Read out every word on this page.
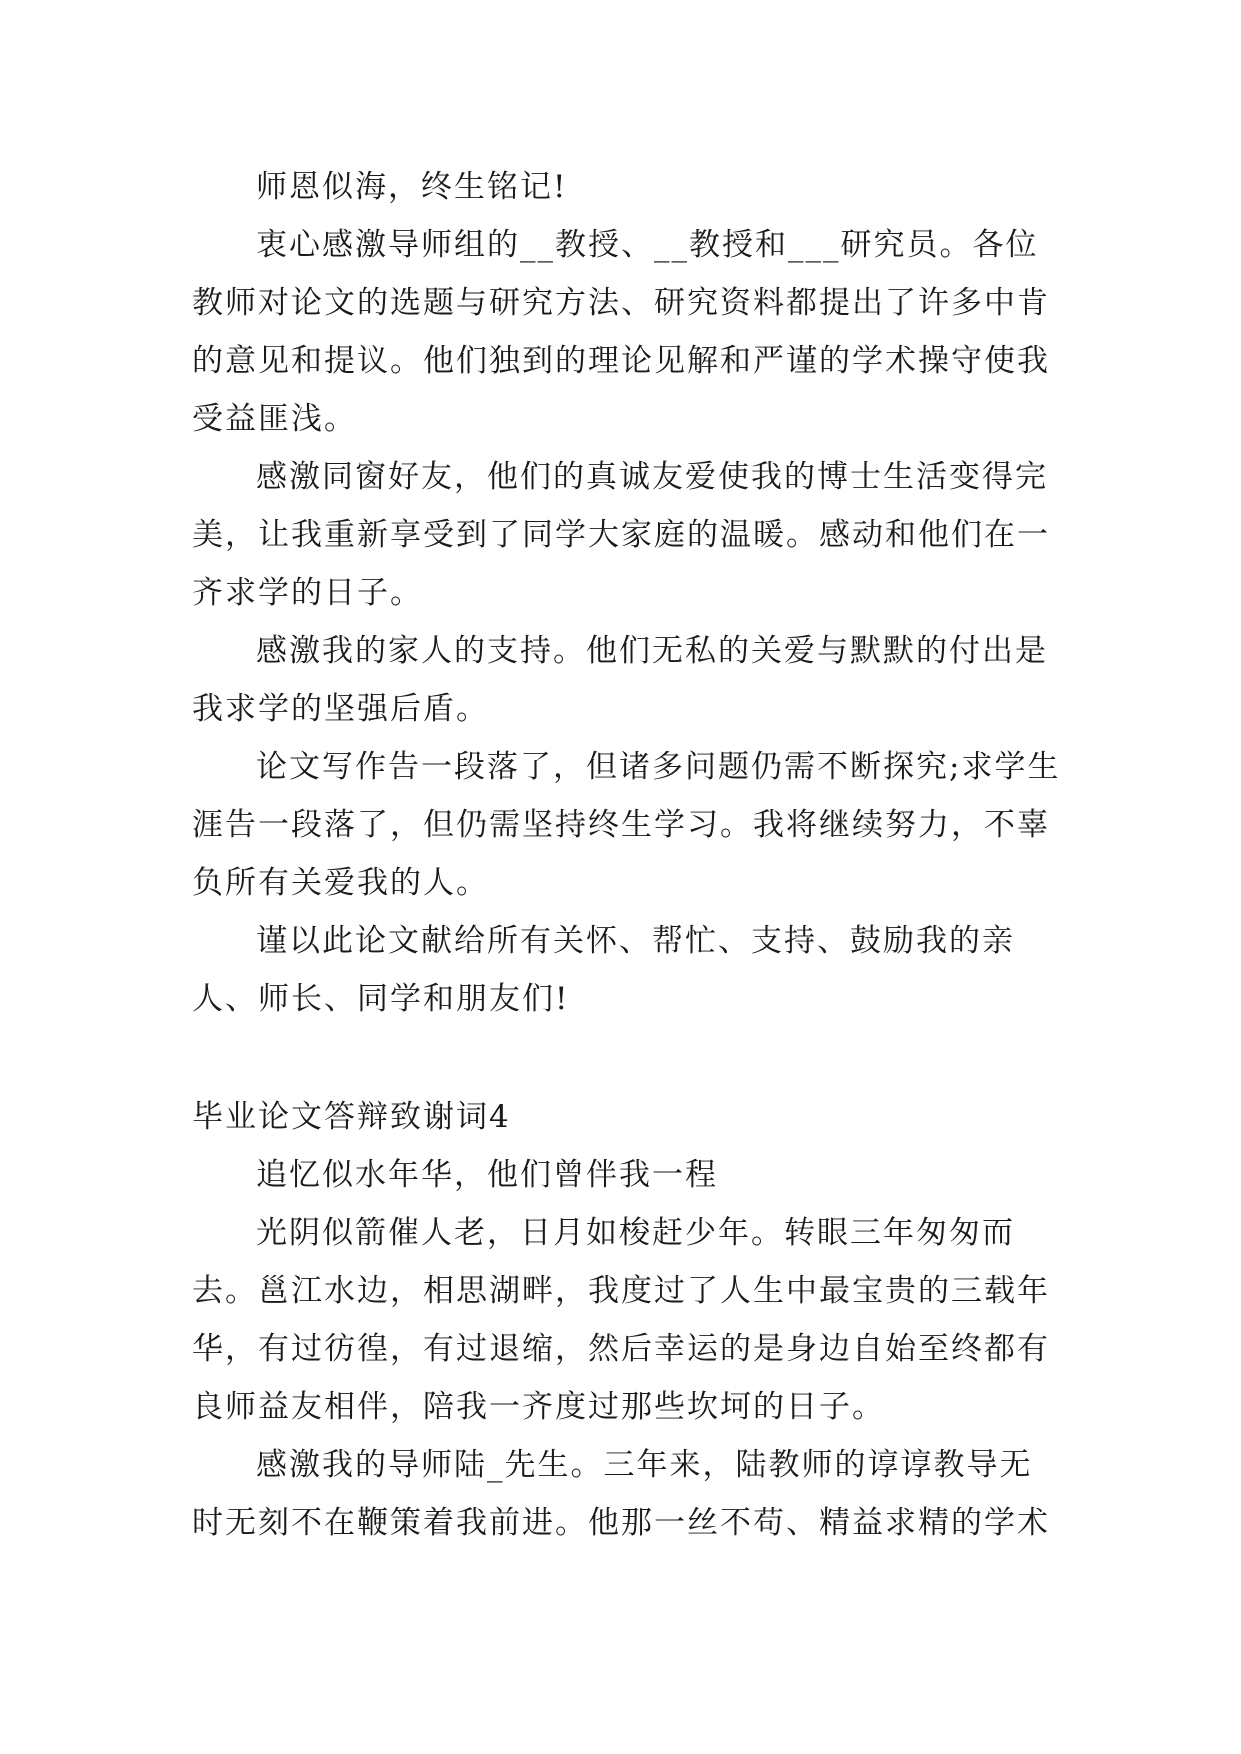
师恩似海，终生铭记!

衷心感激导师组的__教授、__教授和___研究员。各位教师对论文的选题与研究方法、研究资料都提出了许多中肯的意见和提议。他们独到的理论见解和严谨的学术操守使我受益匪浅。

感激同窗好友，他们的真诚友爱使我的博士生活变得完美，让我重新享受到了同学大家庭的温暖。感动和他们在一齐求学的日子。

感激我的家人的支持。他们无私的关爱与默默的付出是我求学的坚强后盾。

论文写作告一段落了，但诸多问题仍需不断探究;求学生涯告一段落了，但仍需坚持终生学习。我将继续努力，不辜负所有关爱我的人。

谨以此论文献给所有关怀、帮忙、支持、鼓励我的亲人、师长、同学和朋友们!

毕业论文答辩致谢词4

追忆似水年华，他们曾伴我一程

光阴似箭催人老，日月如梭赶少年。转眼三年匆匆而去。邕江水边，相思湖畔，我度过了人生中最宝贵的三载年华，有过彷徨，有过退缩，然后幸运的是身边自始至终都有良师益友相伴，陪我一齐度过那些坎坷的日子。

感激我的导师陆_先生。三年来，陆教师的谆谆教导无时无刻不在鞭策着我前进。他那一丝不苟、精益求精的学术
